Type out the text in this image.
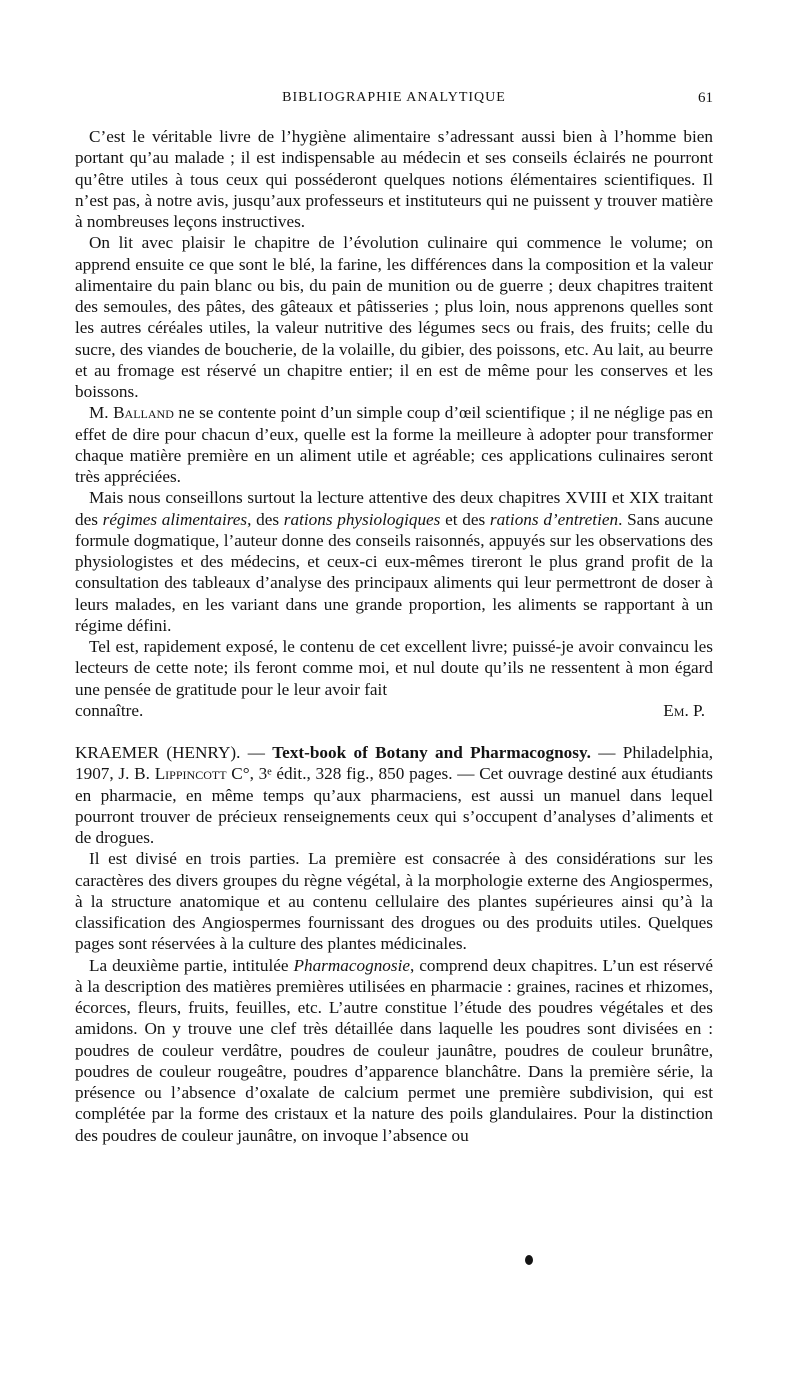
BIBLIOGRAPHIE ANALYTIQUE	61

C’est le véritable livre de l’hygiène alimentaire s’adressant aussi bien à l’homme bien portant qu’au malade ; il est indispensable au médecin et ses conseils éclairés ne pourront qu’être utiles à tous ceux qui posséderont quelques notions élémentaires scientifiques. Il n’est pas, à notre avis, jusqu’aux professeurs et instituteurs qui ne puissent y trouver matière à nombreuses leçons instructives.

On lit avec plaisir le chapitre de l’évolution culinaire qui commence le volume; on apprend ensuite ce que sont le blé, la farine, les différences dans la composition et la valeur alimentaire du pain blanc ou bis, du pain de munition ou de guerre ; deux chapitres traitent des semoules, des pâtes, des gâteaux et pâtisseries ; plus loin, nous apprenons quelles sont les autres céréales utiles, la valeur nutritive des légumes secs ou frais, des fruits; celle du sucre, des viandes de boucherie, de la volaille, du gibier, des poissons, etc. Au lait, au beurre et au fromage est réservé un chapitre entier; il en est de même pour les conserves et les boissons.

M. Balland ne se contente point d’un simple coup d’œil scientifique ; il ne néglige pas en effet de dire pour chacun d’eux, quelle est la forme la meilleure à adopter pour transformer chaque matière première en un aliment utile et agréable; ces applications culinaires seront très appréciées.

Mais nous conseillons surtout la lecture attentive des deux chapitres XVIII et XIX traitant des régimes alimentaires, des rations physiologiques et des rations d’entretien. Sans aucune formule dogmatique, l’auteur donne des conseils raisonnés, appuyés sur les observations des physiologistes et des médecins, et ceux-ci eux-mêmes tireront le plus grand profit de la consultation des tableaux d’analyse des principaux aliments qui leur permettront de doser à leurs malades, en les variant dans une grande proportion, les aliments se rapportant à un régime défini.

Tel est, rapidement exposé, le contenu de cet excellent livre; puissé-je avoir convaincu les lecteurs de cette note; ils feront comme moi, et nul doute qu’ils ne ressentent à mon égard une pensée de gratitude pour le leur avoir fait

connaître.	Em. P.

KRAEMER (HENRY). — Text-book of Botany and Pharmacognosy. — Philadelphia, 1907, J. B. Lippincott C°, 3ᵉ édit., 328 fig., 850 pages. — Cet ouvrage destiné aux étudiants en pharmacie, en même temps qu’aux pharmaciens, est aussi un manuel dans lequel pourront trouver de précieux renseignements ceux qui s’occupent d’analyses d’aliments et de drogues.

Il est divisé en trois parties. La première est consacrée à des considérations sur les caractères des divers groupes du règne végétal, à la morphologie externe des Angiospermes, à la structure anatomique et au contenu cellulaire des plantes supérieures ainsi qu’à la classification des Angiospermes fournissant des drogues ou des produits utiles. Quelques pages sont réservées à la culture des plantes médicinales.

La deuxième partie, intitulée Pharmacognosie, comprend deux chapitres. L’un est réservé à la description des matières premières utilisées en pharmacie : graines, racines et rhizomes, écorces, fleurs, fruits, feuilles, etc. L’autre constitue l’étude des poudres végétales et des amidons. On y trouve une clef très détaillée dans laquelle les poudres sont divisées en : poudres de couleur verdâtre, poudres de couleur jaunâtre, poudres de couleur brunâtre, poudres de couleur rougeâtre, poudres d’apparence blanchâtre. Dans la première série, la présence ou l’absence d’oxalate de calcium permet une première subdivision, qui est complétée par la forme des cristaux et la nature des poils glandulaires. Pour la distinction des poudres de couleur jaunâtre, on invoque l’absence ou
